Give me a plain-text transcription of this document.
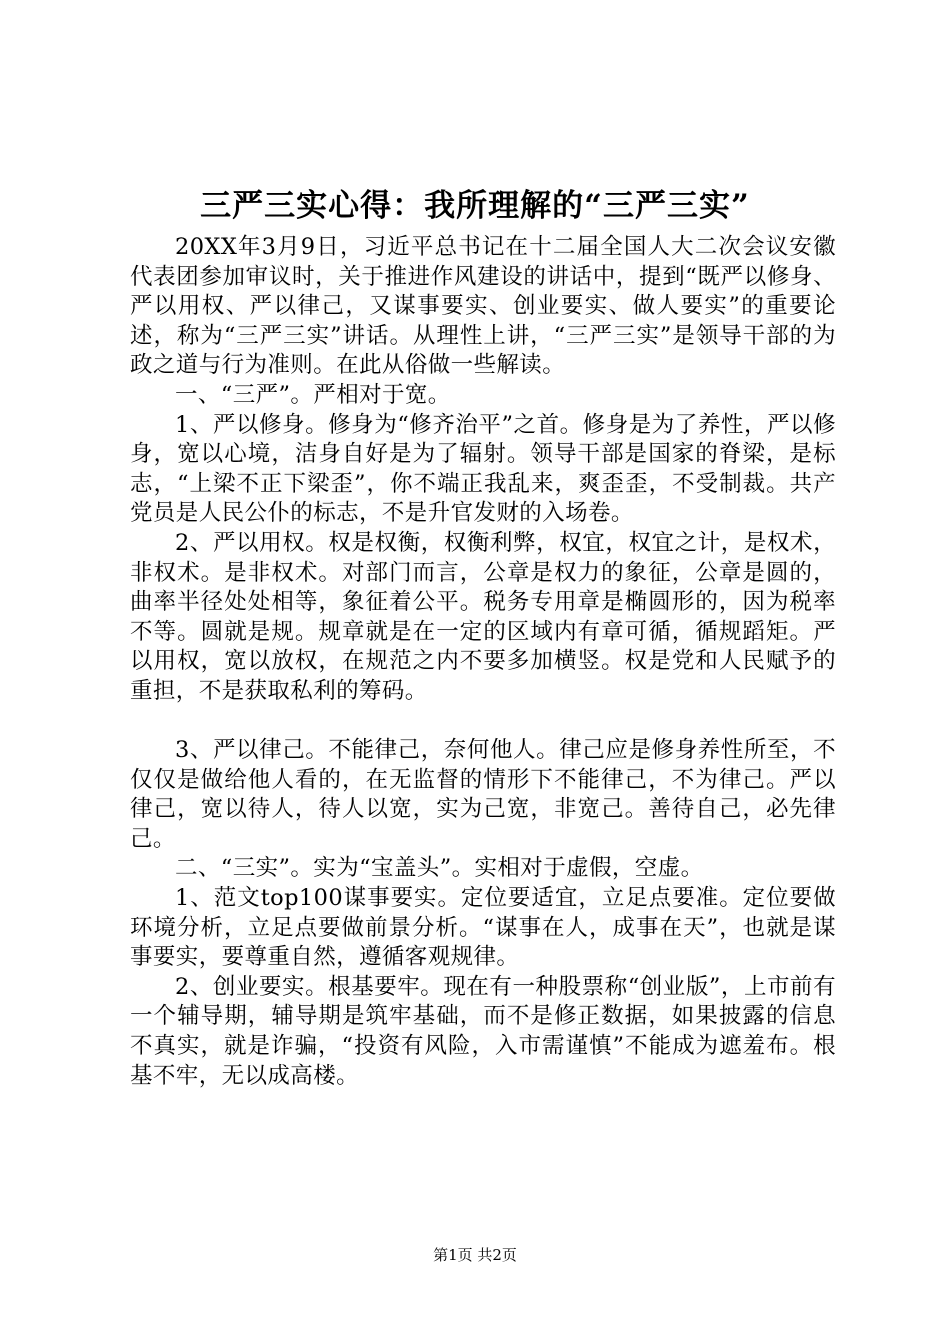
三严三实心得：我所理解的“三严三实”

20XX年3月9日，习近平总书记在十二届全国人大二次会议安徽代表团参加审议时，关于推进作风建设的讲话中，提到“既严以修身、严以用权、严以律己，又谋事要实、创业要实、做人要实”的重要论述，称为“三严三实”讲话。从理性上讲，“三严三实”是领导干部的为政之道与行为准则。在此从俗做一些解读。

一、“三严”。严相对于宽。

1、严以修身。修身为“修齐治平”之首。修身是为了养性，严以修身，宽以心境，洁身自好是为了辐射。领导干部是国家的脊梁，是标志，“上梁不正下梁歪”，你不端正我乱来，爽歪歪，不受制裁。共产党员是人民公仆的标志，不是升官发财的入场卷。

2、严以用权。权是权衡，权衡利弊，权宜，权宜之计，是权术，非权术。是非权术。对部门而言，公章是权力的象征，公章是圆的，曲率半径处处相等，象征着公平。税务专用章是椭圆形的，因为税率不等。圆就是规。规章就是在一定的区域内有章可循，循规蹈矩。严以用权，宽以放权，在规范之内不要多加横竖。权是党和人民赋予的重担，不是获取私利的筹码。

3、严以律己。不能律己，奈何他人。律己应是修身养性所至，不仅仅是做给他人看的，在无监督的情形下不能律己，不为律己。严以律己，宽以待人，待人以宽，实为己宽，非宽己。善待自己，必先律己。

二、“三实”。实为“宝盖头”。实相对于虚假，空虚。

1、范文top100谋事要实。定位要适宜，立足点要准。定位要做环境分析，立足点要做前景分析。“谋事在人，成事在天”，也就是谋事要实，要尊重自然，遵循客观规律。

2、创业要实。根基要牢。现在有一种股票称“创业版”，上市前有一个辅导期，辅导期是筑牢基础，而不是修正数据，如果披露的信息不真实，就是诈骗，“投资有风险，入市需谨慎”不能成为遮羞布。根基不牢，无以成高楼。

第1页 共2页
